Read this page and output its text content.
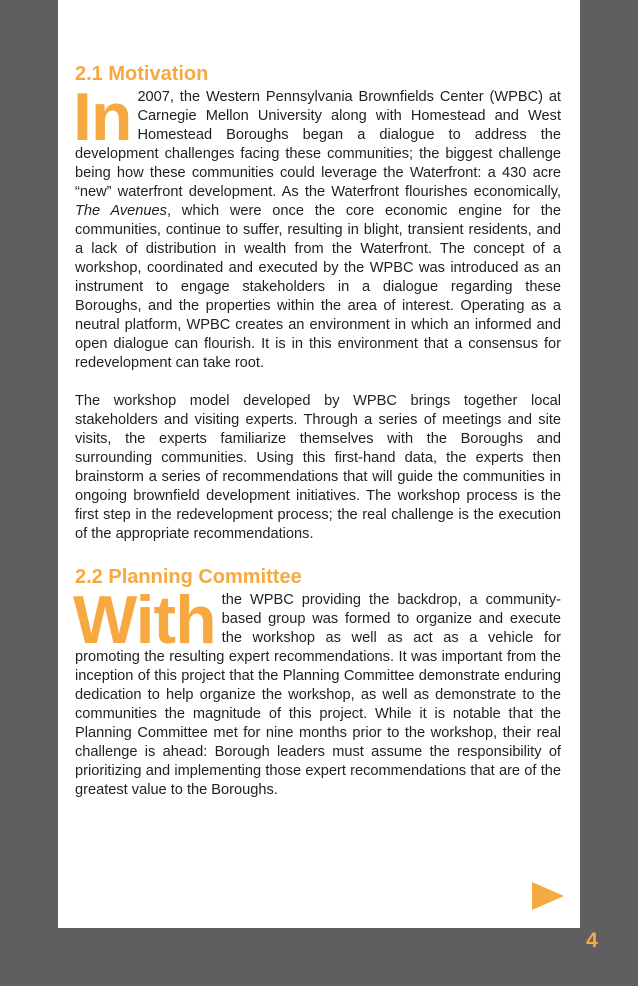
2.1 Motivation

In 2007, the Western Pennsylvania Brownfields Center (WPBC) at Carnegie Mellon University along with Homestead and West Homestead Boroughs began a dialogue to address the development challenges facing these communities; the biggest challenge being how these communities could leverage the Waterfront: a 430 acre “new” waterfront development. As the Waterfront flourishes economically, The Avenues, which were once the core economic engine for the communities, continue to suffer, resulting in blight, transient residents, and a lack of distribution in wealth from the Waterfront. The concept of a workshop, coordinated and executed by the WPBC was introduced as an instrument to engage stakeholders in a dialogue regarding these Boroughs, and the properties within the area of interest. Operating as a neutral platform, WPBC creates an environment in which an informed and open dialogue can flourish. It is in this environment that a consensus for redevelopment can take root.

The workshop model developed by WPBC brings together local stakeholders and visiting experts. Through a series of meetings and site visits, the experts familiarize themselves with the Boroughs and surrounding communities. Using this first-hand data, the experts then brainstorm a series of recommendations that will guide the communities in ongoing brownfield development initiatives. The workshop process is the first step in the redevelopment process; the real challenge is the execution of the appropriate recommendations.

2.2 Planning Committee

With the WPBC providing the backdrop, a community-based group was formed to organize and execute the workshop as well as act as a vehicle for promoting the resulting expert recommendations. It was important from the inception of this project that the Planning Committee demonstrate enduring dedication to help organize the workshop, as well as demonstrate to the communities the magnitude of this project. While it is notable that the Planning Committee met for nine months prior to the workshop, their real challenge is ahead: Borough leaders must assume the responsibility of prioritizing and implementing those expert recommendations that are of the greatest value to the Boroughs.

4
